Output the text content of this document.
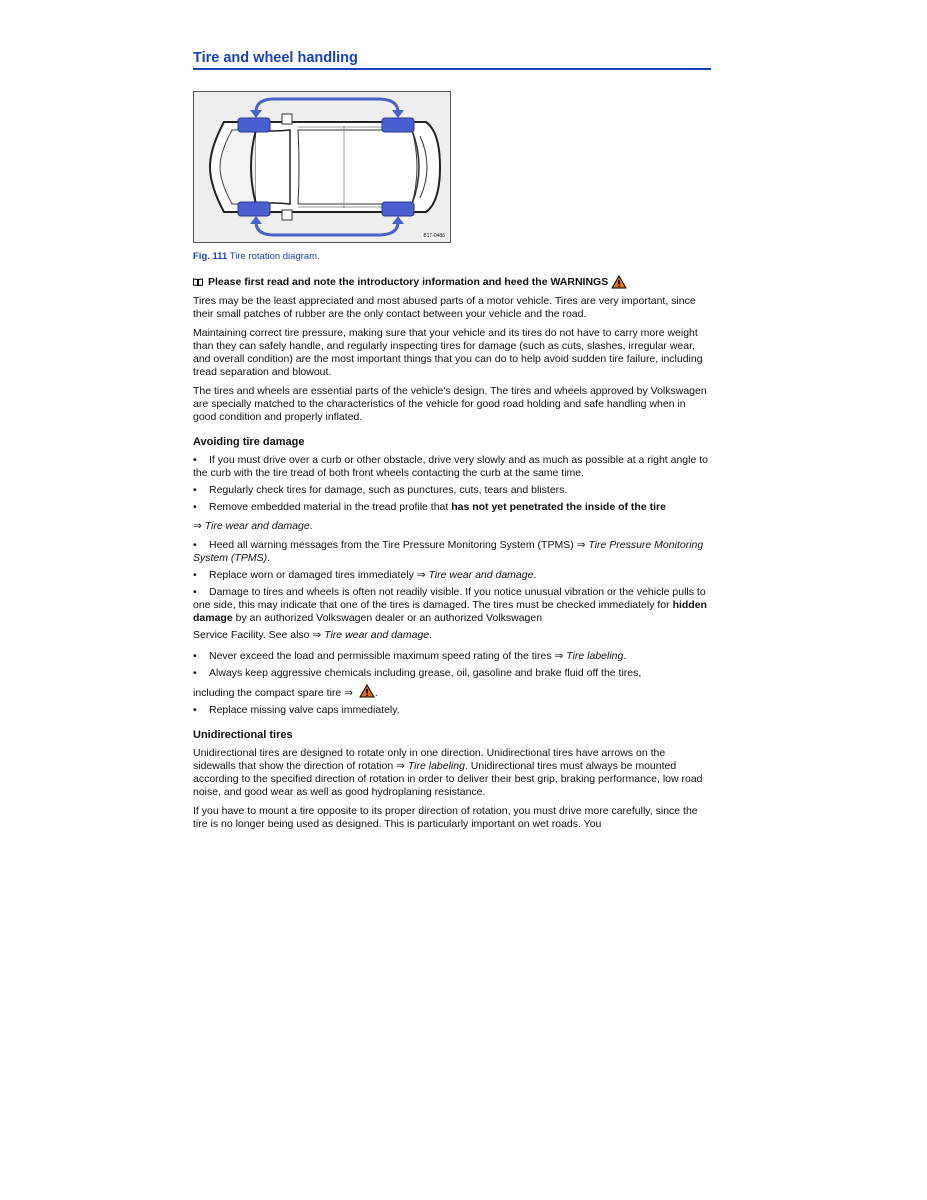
Tire and wheel handling
B1T-0486
Fig. 111 Tire rotation diagram.
Please first read and note the introductory information and heed the WARNINGS

Tires may be the least appreciated and most abused parts of a motor vehicle. Tires are very important, since their small patches of rubber are the only contact between your vehicle and the road.

Maintaining correct tire pressure, making sure that your vehicle and its tires do not have to carry more weight than they can safely handle, and regularly inspecting tires for damage (such as cuts, slashes, irregular wear, and overall condition) are the most important things that you can do to help avoid sudden tire failure, including tread separation and blowout.

The tires and wheels are essential parts of the vehicle's design. The tires and wheels approved by Volkswagen are specially matched to the characteristics of the vehicle for good road holding and safe handling when in good condition and properly inflated.

Avoiding tire damage
• If you must drive over a curb or other obstacle, drive very slowly and as much as possible at a right angle to the curb with the tire tread of both front wheels contacting the curb at the same time.
• Regularly check tires for damage, such as punctures, cuts, tears and blisters.
• Remove embedded material in the tread profile that has not yet penetrated the inside of the tire
⇒ Tire wear and damage.
• Heed all warning messages from the Tire Pressure Monitoring System (TPMS) ⇒ Tire Pressure Monitoring System (TPMS).
• Replace worn or damaged tires immediately ⇒ Tire wear and damage.
• Damage to tires and wheels is often not readily visible. If you notice unusual vibration or the vehicle pulls to one side, this may indicate that one of the tires is damaged. The tires must be checked immediately for hidden damage by an authorized Volkswagen dealer or an authorized Volkswagen
Service Facility. See also ⇒ Tire wear and damage.
• Never exceed the load and permissible maximum speed rating of the tires ⇒ Tire labeling.
• Always keep aggressive chemicals including grease, oil, gasoline and brake fluid off the tires,
including the compact spare tire ⇒ .
• Replace missing valve caps immediately.
Unidirectional tires

Unidirectional tires are designed to rotate only in one direction. Unidirectional tires have arrows on the
sidewalls that show the direction of rotation ⇒ Tire labeling. Unidirectional tires must always be mounted according to the specified direction of rotation in order to deliver their best grip, braking performance, low road noise, and good wear as well as good hydroplaning resistance.

If you have to mount a tire opposite to its proper direction of rotation, you must drive more carefully, since the tire is no longer being used as designed. This is particularly important on wet roads. You
